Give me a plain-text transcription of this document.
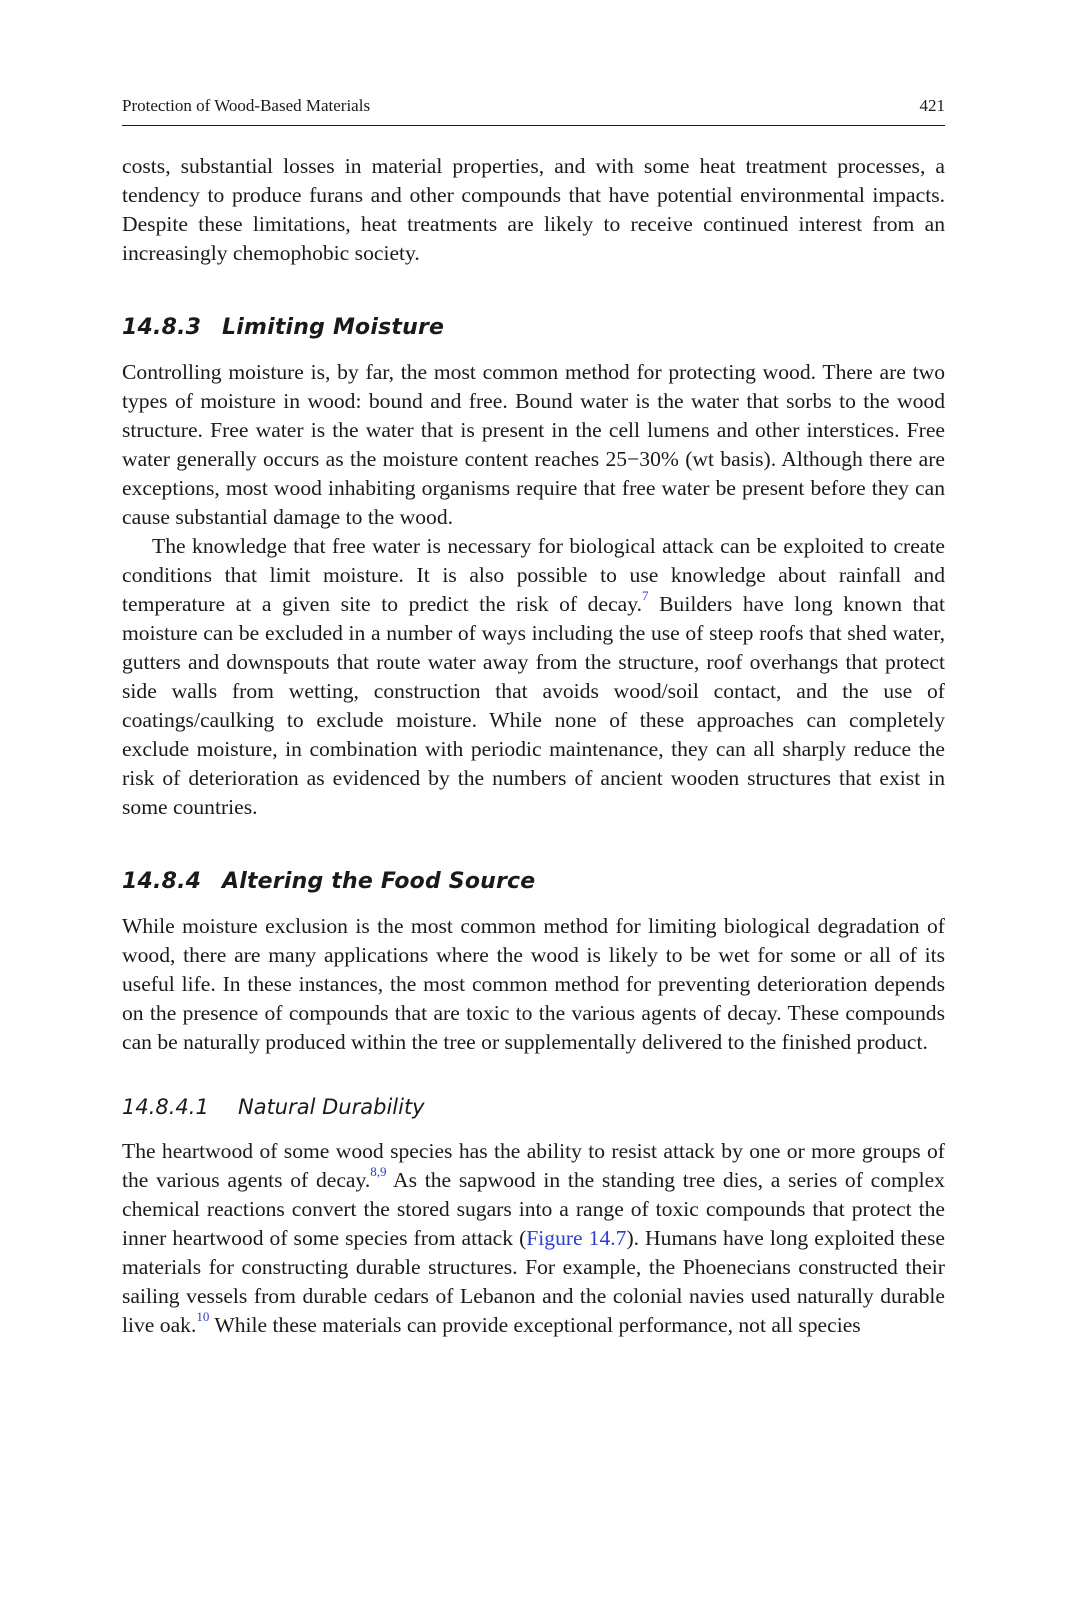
Protection of Wood-Based Materials	421

costs, substantial losses in material properties, and with some heat treatment processes, a tendency to produce furans and other compounds that have potential environmental impacts. Despite these limitations, heat treatments are likely to receive continued interest from an increasingly chemophobic society.

14.8.3 Limiting Moisture

Controlling moisture is, by far, the most common method for protecting wood. There are two types of moisture in wood: bound and free. Bound water is the water that sorbs to the wood structure. Free water is the water that is present in the cell lumens and other interstices. Free water generally occurs as the moisture content reaches 25−30% (wt basis). Although there are exceptions, most wood inhabiting organisms require that free water be present before they can cause substantial damage to the wood.

The knowledge that free water is necessary for biological attack can be exploited to create conditions that limit moisture. It is also possible to use knowledge about rainfall and temperature at a given site to predict the risk of decay.$^7$ Builders have long known that moisture can be excluded in a number of ways including the use of steep roofs that shed water, gutters and downspouts that route water away from the structure, roof overhangs that protect side walls from wetting, construction that avoids wood/soil contact, and the use of coatings/caulking to exclude moisture. While none of these approaches can completely exclude moisture, in combination with periodic maintenance, they can all sharply reduce the risk of deterioration as evidenced by the numbers of ancient wooden structures that exist in some countries.

14.8.4 Altering the Food Source

While moisture exclusion is the most common method for limiting biological degradation of wood, there are many applications where the wood is likely to be wet for some or all of its useful life. In these instances, the most common method for preventing deterioration depends on the presence of compounds that are toxic to the various agents of decay. These compounds can be naturally produced within the tree or supplementally delivered to the finished product.

14.8.4.1 Natural Durability

The heartwood of some wood species has the ability to resist attack by one or more groups of the various agents of decay.$^{8,9}$ As the sapwood in the standing tree dies, a series of complex chemical reactions convert the stored sugars into a range of toxic compounds that protect the inner heartwood of some species from attack (Figure 14.7). Humans have long exploited these materials for constructing durable structures. For example, the Phoenecians constructed their sailing vessels from durable cedars of Lebanon and the colonial navies used naturally durable live oak.$^{10}$ While these materials can provide exceptional performance, not all species
